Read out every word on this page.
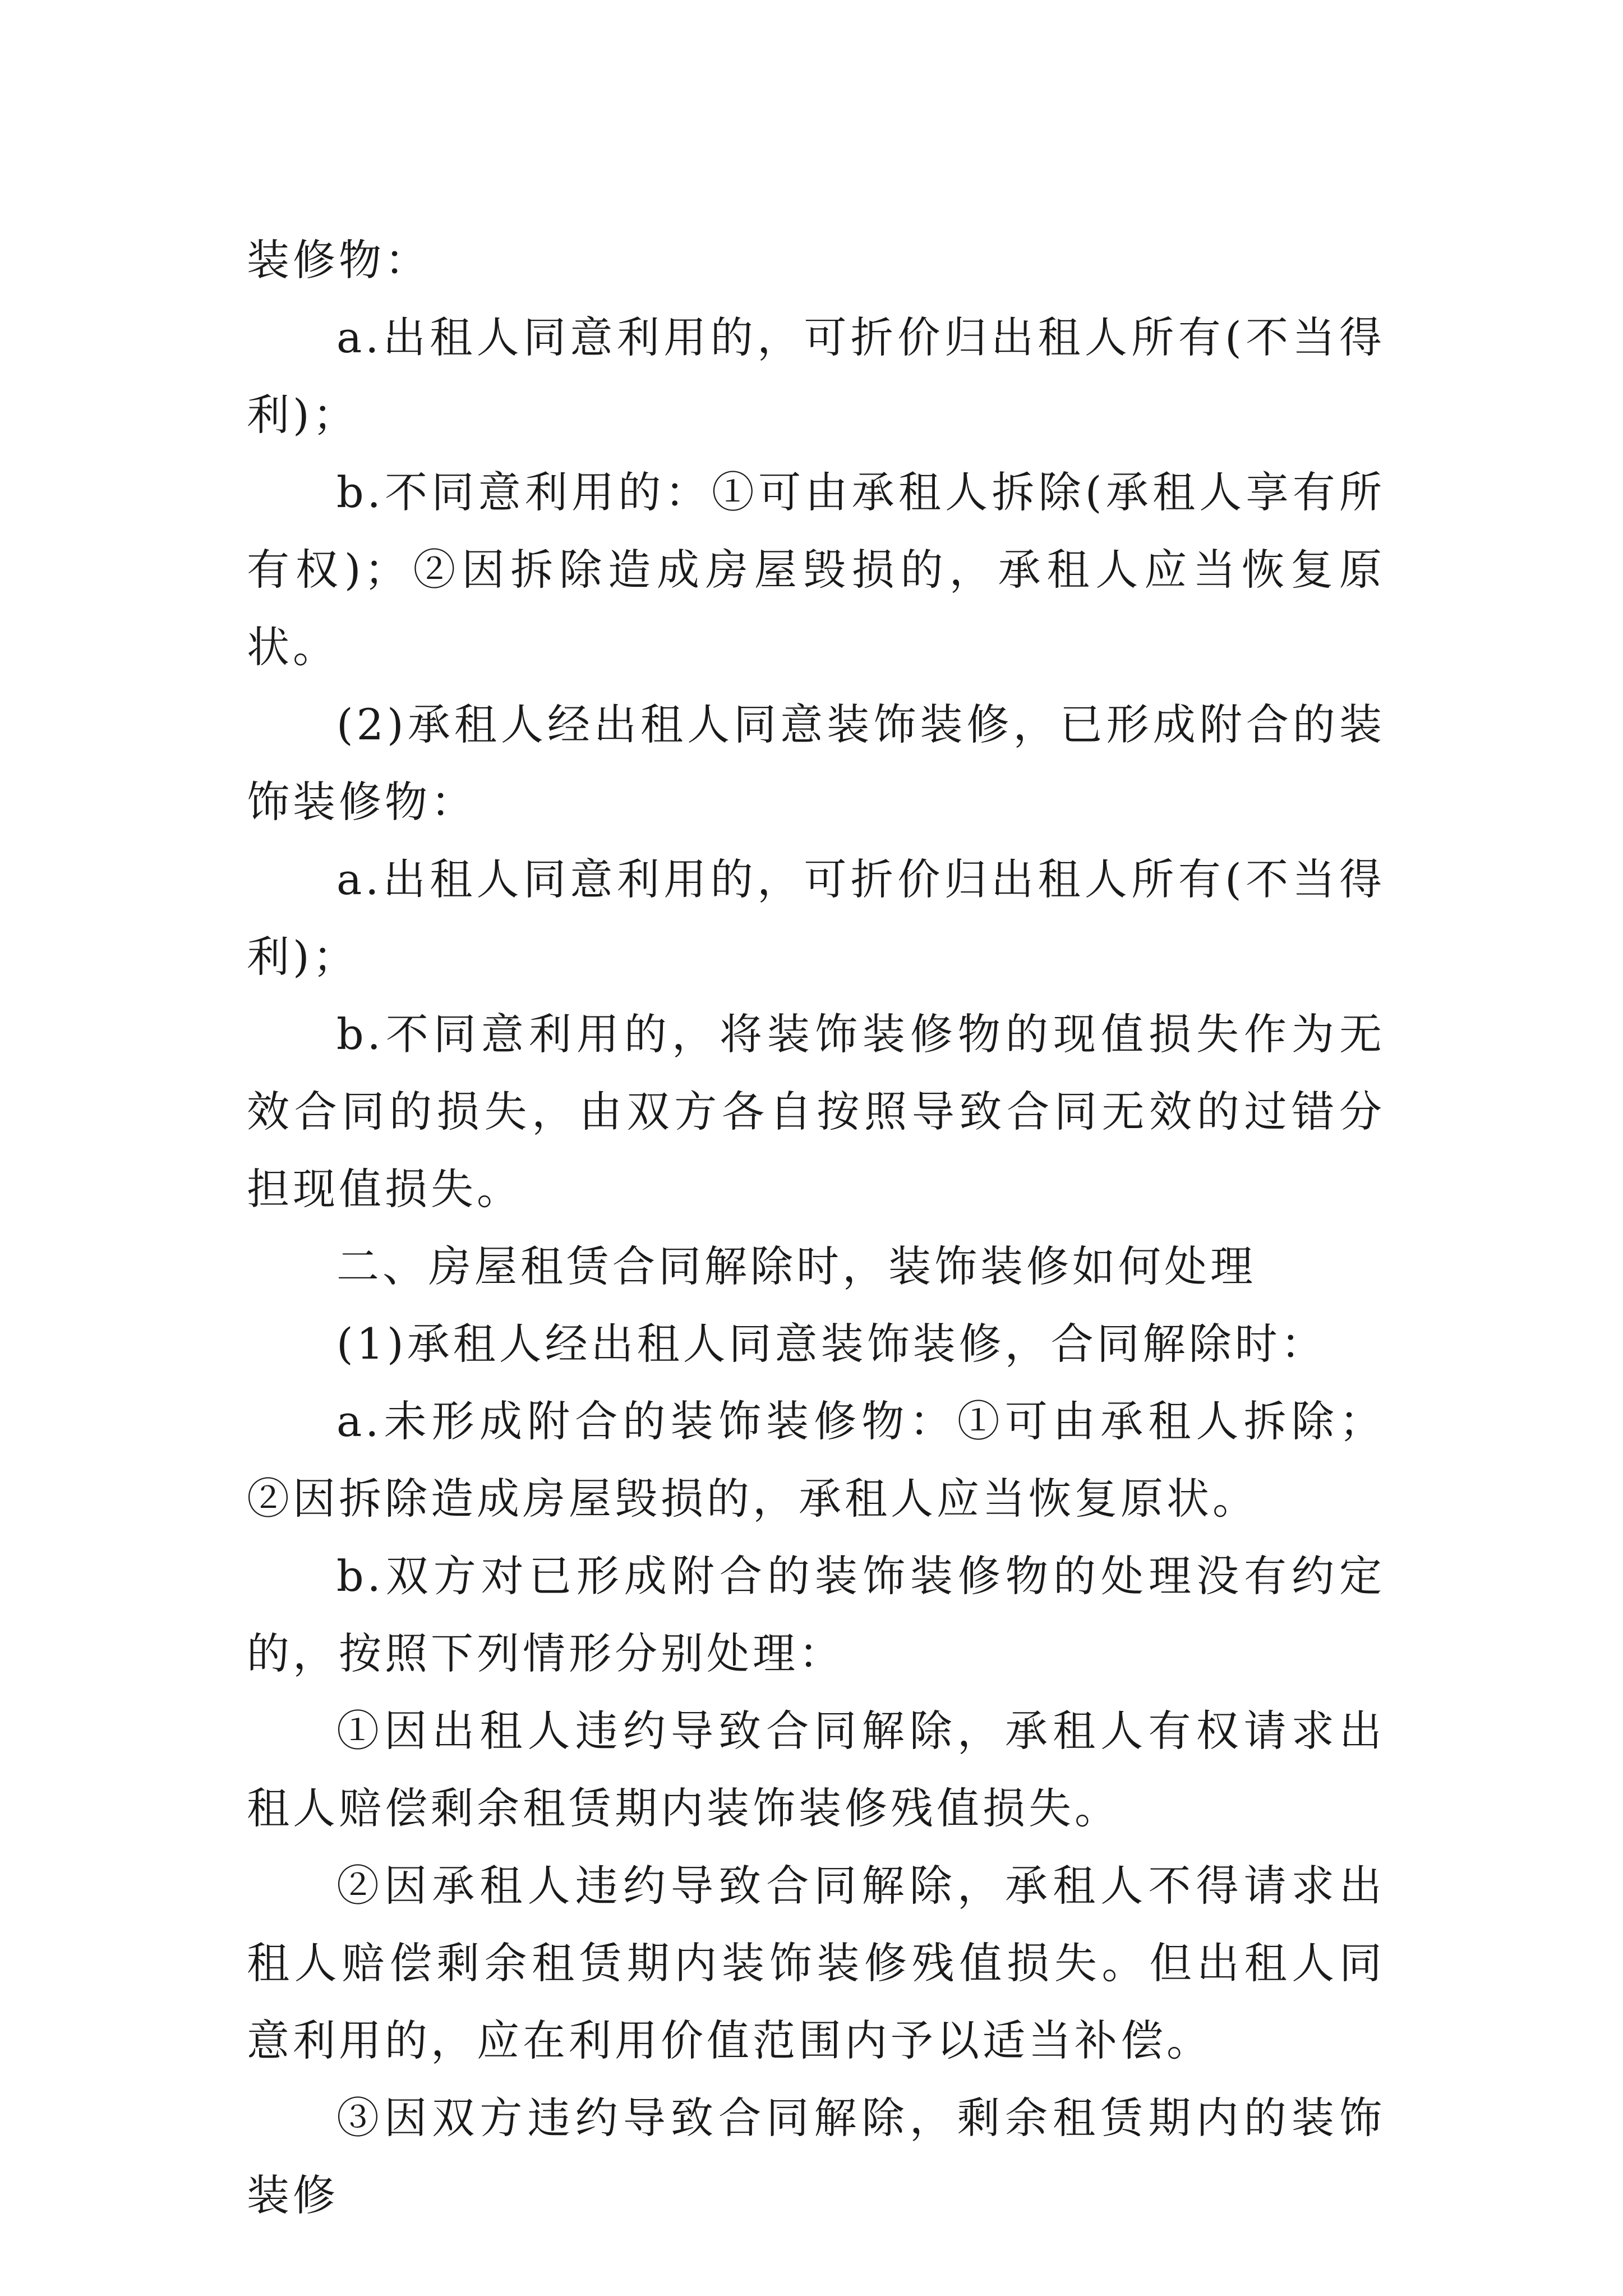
装修物：

a.出租人同意利用的，可折价归出租人所有(不当得利)；

b.不同意利用的：①可由承租人拆除(承租人享有所有权)；②因拆除造成房屋毁损的，承租人应当恢复原状。

(2)承租人经出租人同意装饰装修，已形成附合的装饰装修物：

a.出租人同意利用的，可折价归出租人所有(不当得利)；

b.不同意利用的，将装饰装修物的现值损失作为无效合同的损失，由双方各自按照导致合同无效的过错分担现值损失。

二、房屋租赁合同解除时，装饰装修如何处理

(1)承租人经出租人同意装饰装修，合同解除时：

a.未形成附合的装饰装修物：①可由承租人拆除；②因拆除造成房屋毁损的，承租人应当恢复原状。

b.双方对已形成附合的装饰装修物的处理没有约定的，按照下列情形分别处理：

①因出租人违约导致合同解除，承租人有权请求出租人赔偿剩余租赁期内装饰装修残值损失。

②因承租人违约导致合同解除，承租人不得请求出租人赔偿剩余租赁期内装饰装修残值损失。但出租人同意利用的，应在利用价值范围内予以适当补偿。

③因双方违约导致合同解除，剩余租赁期内的装饰装修
